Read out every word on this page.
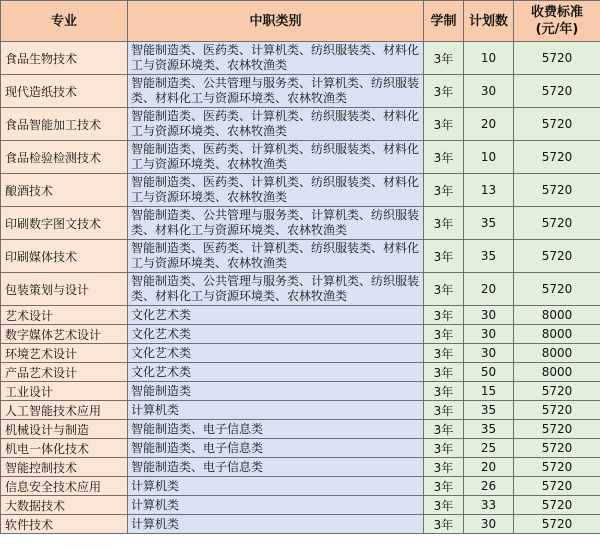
专业	中职类别	学制	计划数	收费标准
(元/年)
食品生物技术	智能制造类、医药类、计算机类、纺织服装类、材料化工与资源环境类、农林牧渔类	3年	10	5720
现代造纸技术	智能制造类、公共管理与服务类、计算机类、纺织服装类、材料化工与资源环境类、农林牧渔类	3年	30	5720
食品智能加工技术	智能制造类、医药类、计算机类、纺织服装类、材料化工与资源环境类、农林牧渔类	3年	20	5720
食品检验检测技术	智能制造类、医药类、计算机类、纺织服装类、材料化工与资源环境类、农林牧渔类	3年	10	5720
酿酒技术	智能制造类、医药类、计算机类、纺织服装类、材料化工与资源环境类、农林牧渔类	3年	13	5720
印刷数字图文技术	智能制造类、公共管理与服务类、计算机类、纺织服装类、材料化工与资源环境类、农林牧渔类	3年	35	5720
印刷媒体技术	智能制造类、医药类、计算机类、纺织服装类、材料化工与资源环境类、农林牧渔类	3年	35	5720
包装策划与设计	智能制造类、公共管理与服务类、计算机类、纺织服装类、材料化工与资源环境类、农林牧渔类	3年	20	5720
艺术设计	文化艺术类	3年	30	8000
数字媒体艺术设计	文化艺术类	3年	30	8000
环境艺术设计	文化艺术类	3年	30	8000
产品艺术设计	文化艺术类	3年	50	8000
工业设计	智能制造类	3年	15	5720
人工智能技术应用	计算机类	3年	35	5720
机械设计与制造	智能制造类、电子信息类	3年	35	5720
机电一体化技术	智能制造类、电子信息类	3年	25	5720
智能控制技术	智能制造类、电子信息类	3年	20	5720
信息安全技术应用	计算机类	3年	26	5720
大数据技术	计算机类	3年	33	5720
软件技术	计算机类	3年	30	5720
